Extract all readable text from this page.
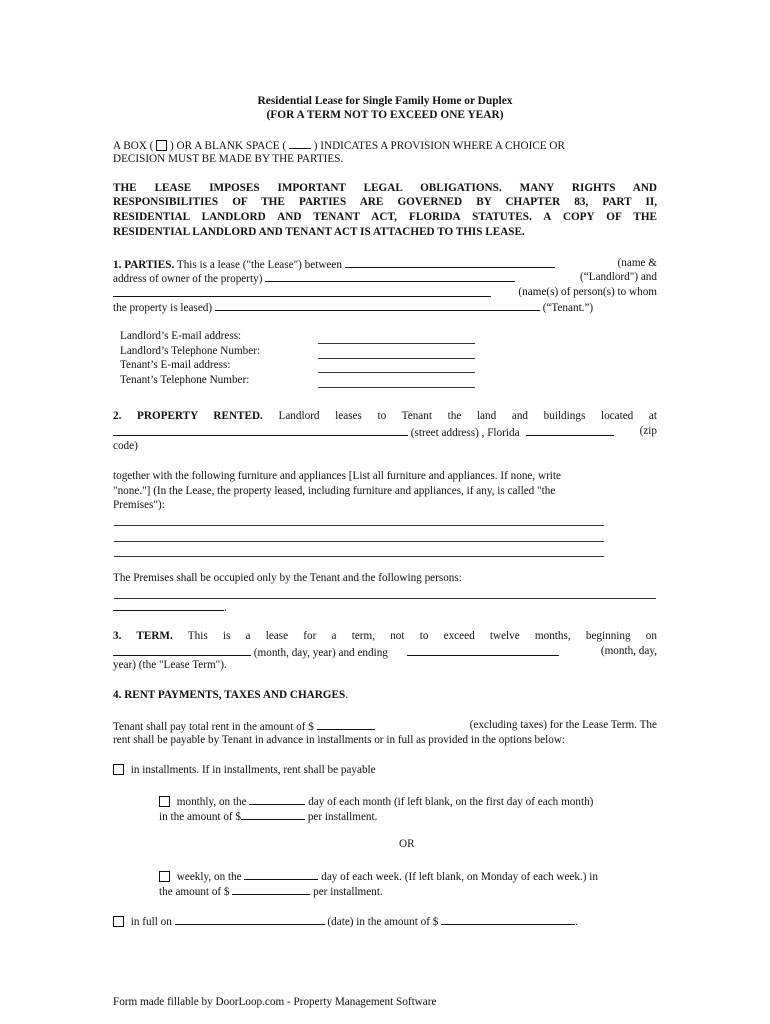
Residential Lease for Single Family Home or Duplex
(FOR A TERM NOT TO EXCEED ONE YEAR)
A BOX ( ) OR A BLANK SPACE ( ) INDICATES A PROVISION WHERE A CHOICE OR
DECISION MUST BE MADE BY THE PARTIES.
THE LEASE IMPOSES IMPORTANT LEGAL OBLIGATIONS. MANY RIGHTS AND
RESPONSIBILITIES OF THE PARTIES ARE GOVERNED BY CHAPTER 83, PART II,
RESIDENTIAL LANDLORD AND TENANT ACT, FLORIDA STATUTES. A COPY OF THE
RESIDENTIAL LANDLORD AND TENANT ACT IS ATTACHED TO THIS LEASE.
1. PARTIES. This is a lease ("the Lease") between	(name &
address of owner of the property)	(“Landlord") and
(name(s) of person(s) to whom
the property is leased)	(“Tenant.”)
Landlord’s E-mail address:
Landlord’s Telephone Number:
Tenant’s E-mail address:
Tenant’s Telephone Number:
2. PROPERTY RENTED. Landlord leases to Tenant the land and buildings located at
(street address) , Florida	(zip
code)
together with the following furniture and appliances [List all furniture and appliances. If none, write
"none."] (In the Lease, the property leased, including furniture and appliances, if any, is called "the
Premises"):
The Premises shall be occupied only by the Tenant and the following persons:
.
3. TERM. This is a lease for a term, not to exceed twelve months, beginning on
(month, day, year) and ending	(month, day,
year) (the "Lease Term").
4. RENT PAYMENTS, TAXES AND CHARGES.
Tenant shall pay total rent in the amount of $	(excluding taxes) for the Lease Term. The
rent shall be payable by Tenant in advance in installments or in full as provided in the options below:
in installments. If in installments, rent shall be payable
monthly, on the	day of each month (if left blank, on the first day of each month)
in the amount of $	per installment.
OR
weekly, on the	day of each week. (If left blank, on Monday of each week.) in
the amount of $	per installment.
in full on	(date) in the amount of $	.
Form made fillable by DoorLoop.com - Property Management Software
